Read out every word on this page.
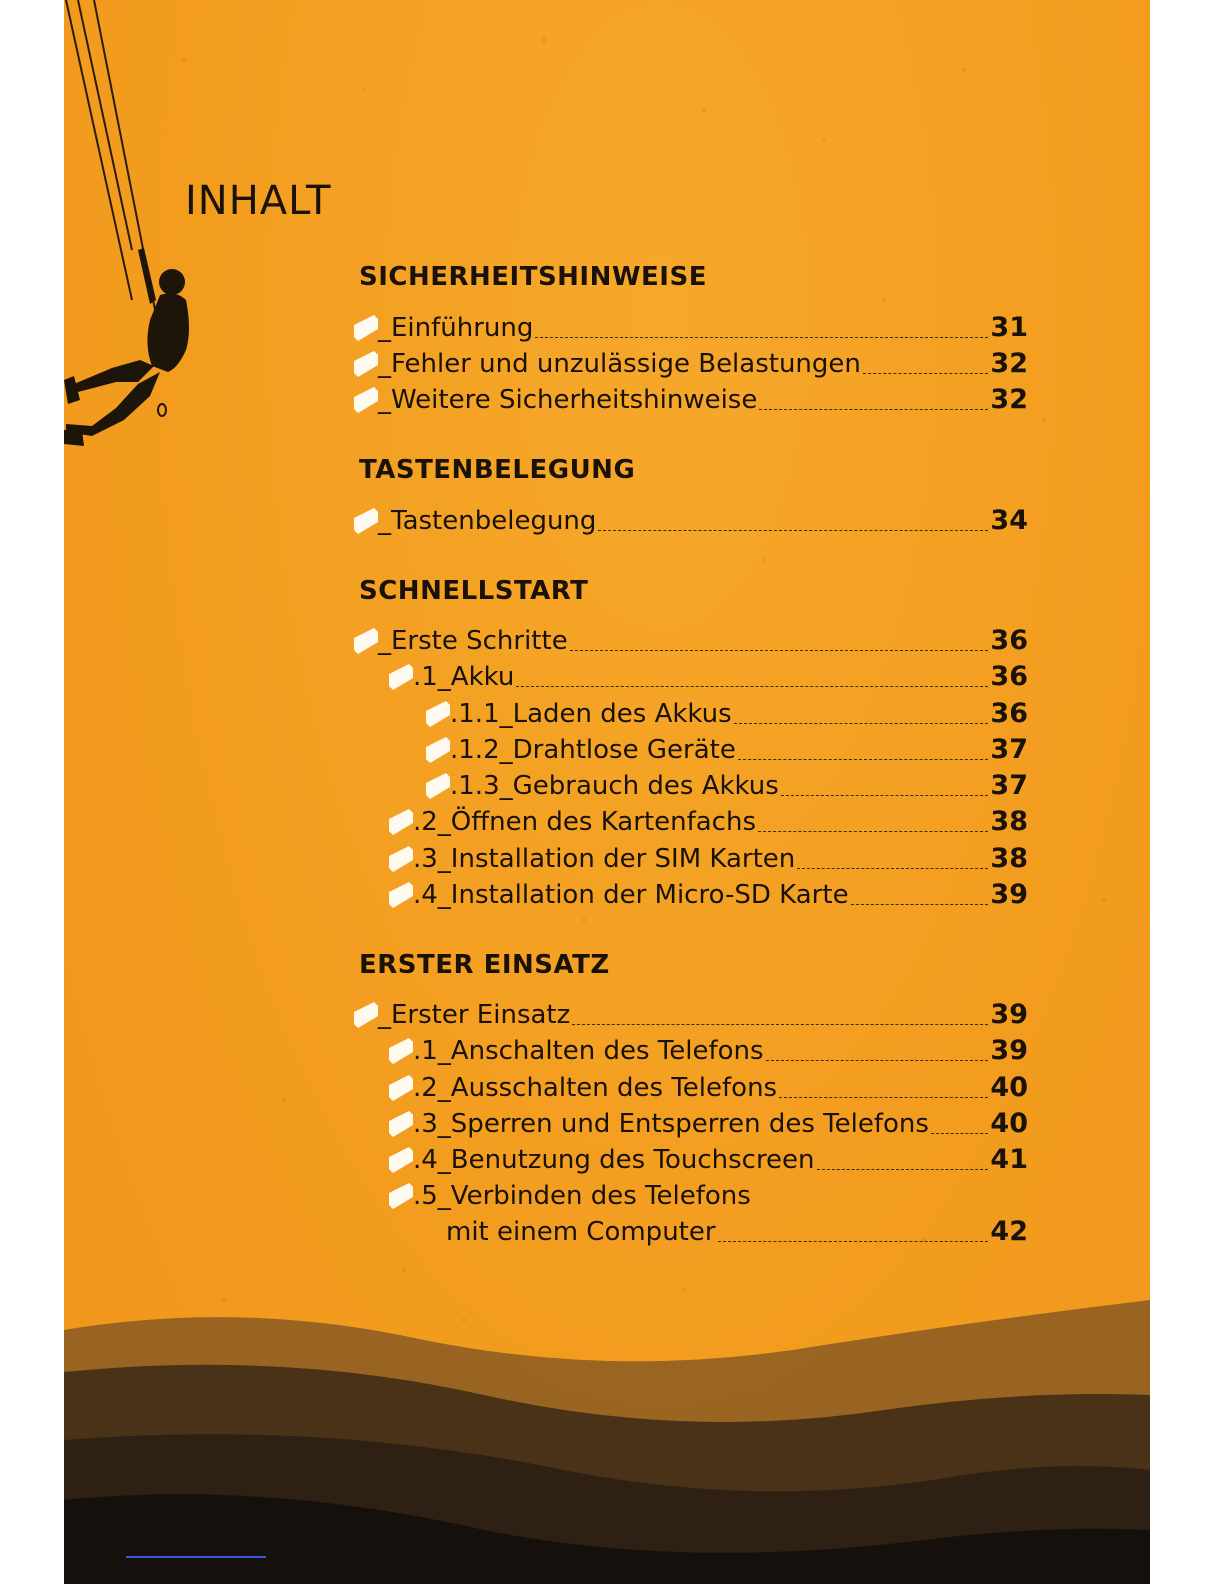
INHALT
SICHERHEITSHINWEISE
_Einführung	31
_Fehler und unzulässige Belastungen	32
_Weitere Sicherheitshinweise	32
TASTENBELEGUNG
_Tastenbelegung	34
SCHNELLSTART
_Erste Schritte	36
.1_Akku	36
.1.1_Laden des Akkus	36
.1.2_Drahtlose Geräte	37
.1.3_Gebrauch des Akkus	37
.2_Öffnen des Kartenfachs	38
.3_Installation der SIM Karten	38
.4_Installation der Micro-SD Karte	39
ERSTER EINSATZ
_Erster Einsatz	39
.1_Anschalten des Telefons	39
.2_Ausschalten des Telefons	40
.3_Sperren und Entsperren des Telefons 40
.4_Benutzung des Touchscreen	41
.5_Verbinden des Telefons
mit einem Computer	42
